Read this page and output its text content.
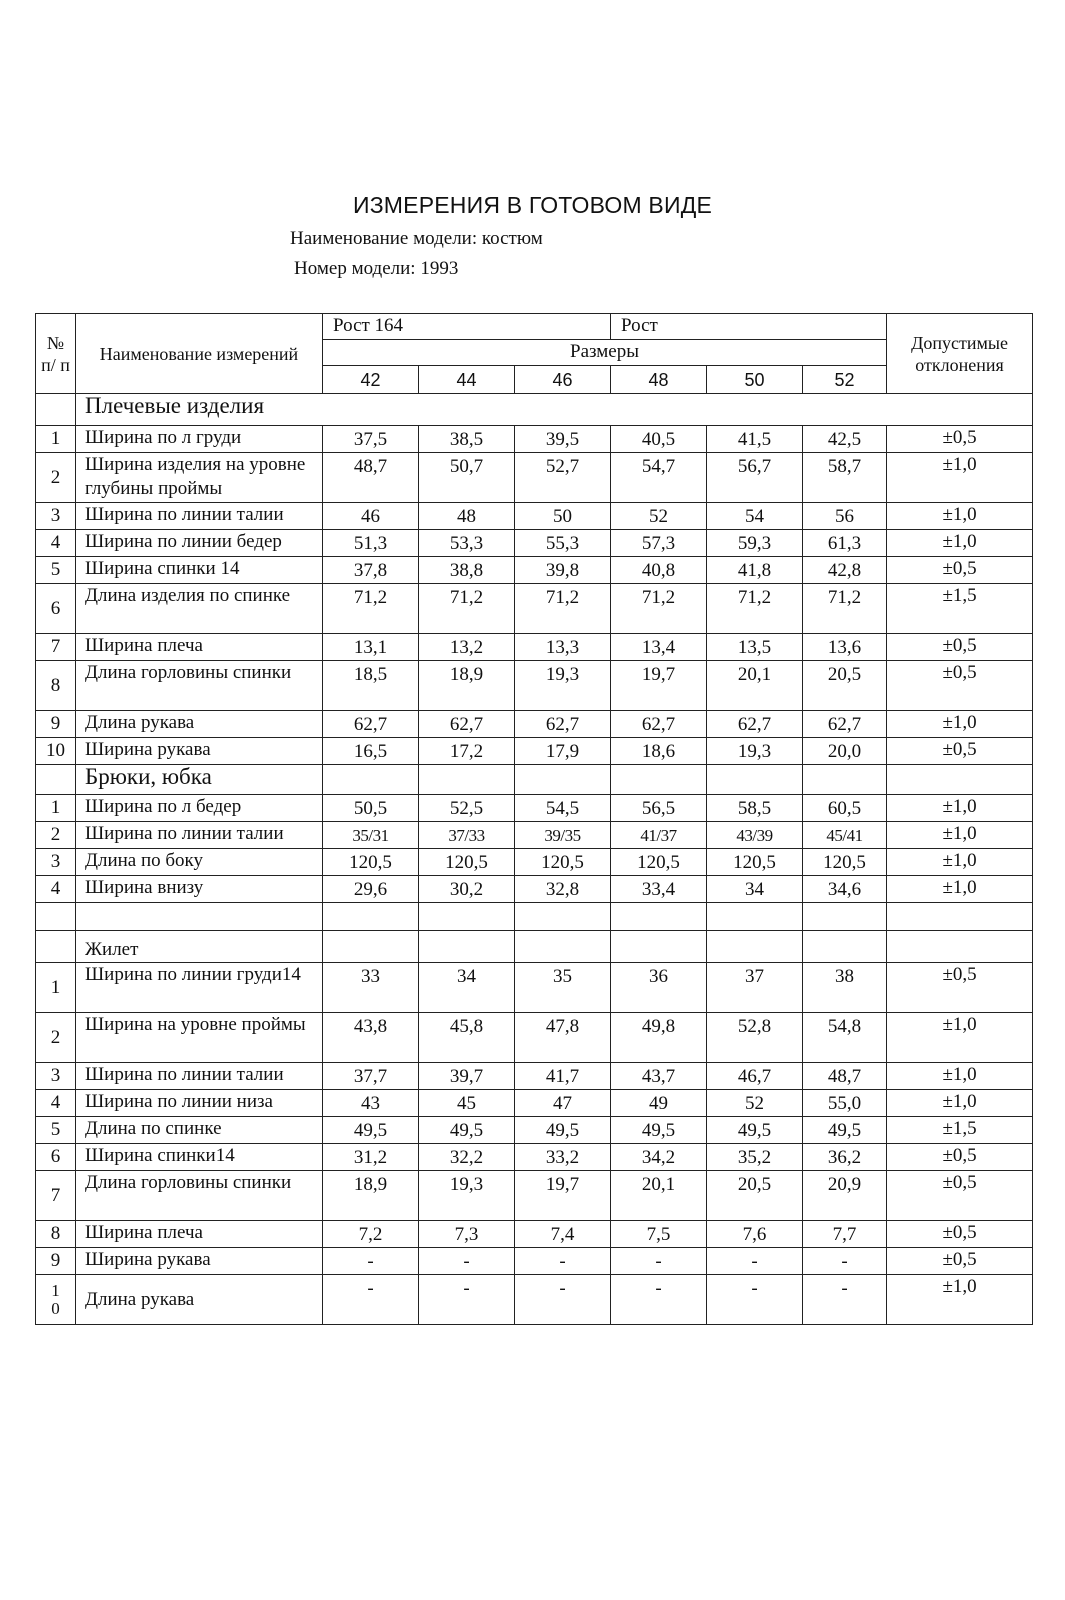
ИЗМЕРЕНИЯ В ГОТОВОМ ВИДЕ
Наименование модели: костюм
Номер модели: 1993
№ п/ п	Наименование измерений	Рост 164			Рост			Допустимые отклонения
		Размеры						
		42	44	46	48	50	52	
	Плечевые изделия							
1	Ширина по л груди	37,5	38,5	39,5	40,5	41,5	42,5	±0,5
2	Ширина изделия на уровне глубины проймы	48,7	50,7	52,7	54,7	56,7	58,7	±1,0
3	Ширина по линии талии	46	48	50	52	54	56	±1,0
4	Ширина по линии бедер	51,3	53,3	55,3	57,3	59,3	61,3	±1,0
5	Ширина спинки 14	37,8	38,8	39,8	40,8	41,8	42,8	±0,5
6	Длина изделия по спинке	71,2	71,2	71,2	71,2	71,2	71,2	±1,5
7	Ширина плеча	13,1	13,2	13,3	13,4	13,5	13,6	±0,5
8	Длина горловины спинки	18,5	18,9	19,3	19,7	20,1	20,5	±0,5
9	Длина рукава	62,7	62,7	62,7	62,7	62,7	62,7	±1,0
10	Ширина рукава	16,5	17,2	17,9	18,6	19,3	20,0	±0,5
	Брюки, юбка							
1	Ширина по л бедер	50,5	52,5	54,5	56,5	58,5	60,5	±1,0
2	Ширина по линии талии	35/31	37/33	39/35	41/37	43/39	45/41	±1,0
3	Длина по боку	120,5	120,5	120,5	120,5	120,5	120,5	±1,0
4	Ширина внизу	29,6	30,2	32,8	33,4	34	34,6	±1,0

	Жилет							
1	Ширина по линии груди14	33	34	35	36	37	38	±0,5
2	Ширина на уровне проймы	43,8	45,8	47,8	49,8	52,8	54,8	±1,0
3	Ширина по линии талии	37,7	39,7	41,7	43,7	46,7	48,7	±1,0
4	Ширина по линии низа	43	45	47	49	52	55,0	±1,0
5	Длина по спинке	49,5	49,5	49,5	49,5	49,5	49,5	±1,5
6	Ширина спинки14	31,2	32,2	33,2	34,2	35,2	36,2	±0,5
7	Длина горловины спинки	18,9	19,3	19,7	20,1	20,5	20,9	±0,5
8	Ширина плеча	7,2	7,3	7,4	7,5	7,6	7,7	±0,5
9	Ширина рукава	-	-	-	-	-	-	±0,5
10	Длина рукава	-	-	-	-	-	-	±1,0
